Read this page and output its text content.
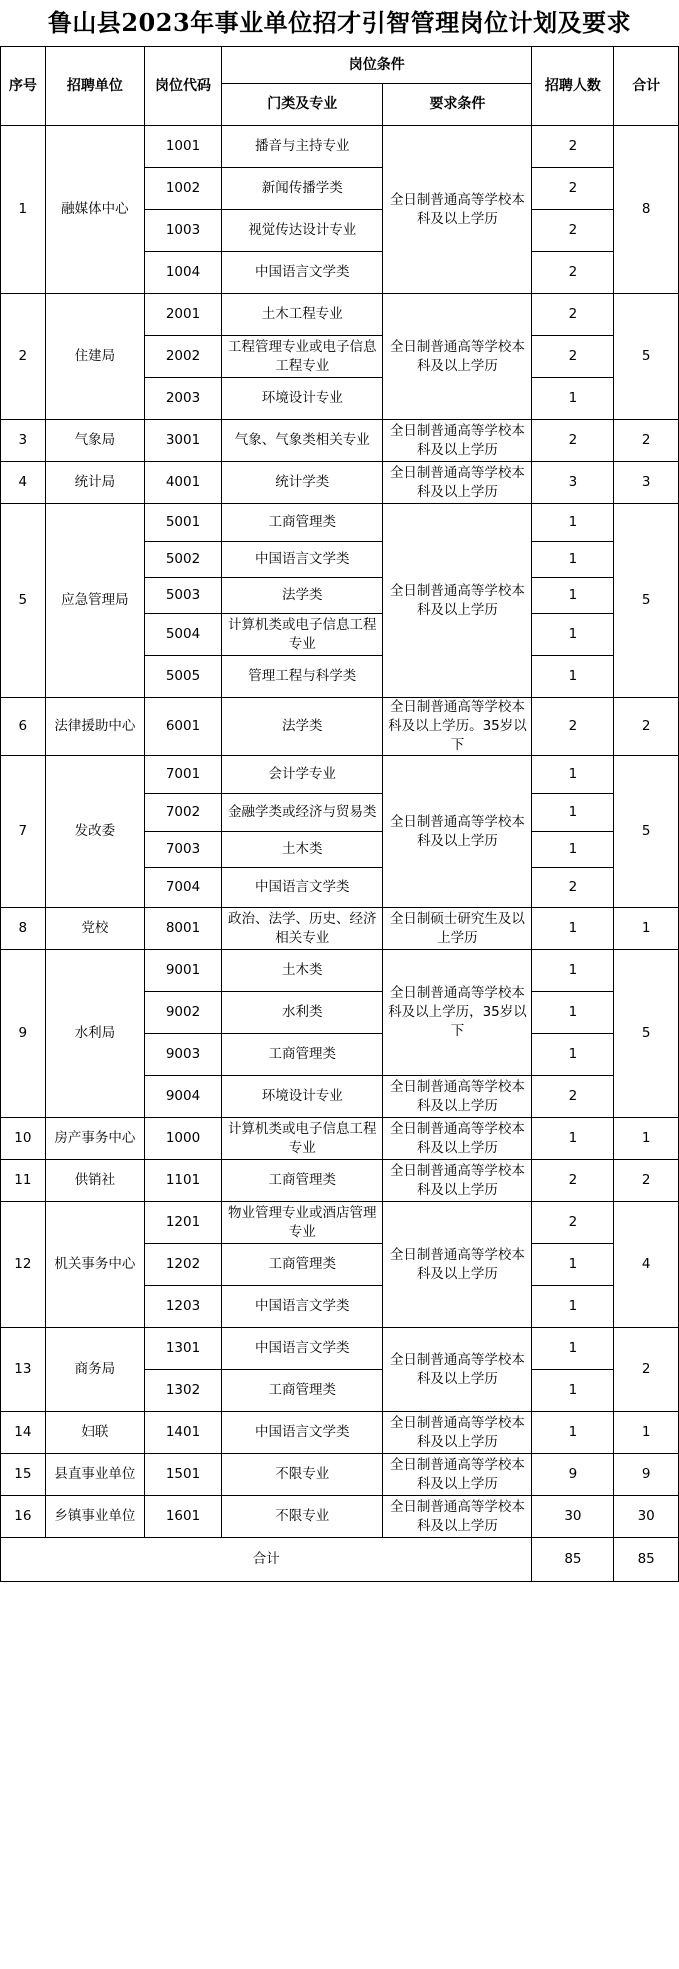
鲁山县2023年事业单位招才引智管理岗位计划及要求
序号	招聘单位	岗位代码	岗位条件		招聘人数	合计
			门类及专业	要求条件		
1	融媒体中心	1001	播音与主持专业	全日制普通高等学校本科及以上学历	2	8
		1002	新闻传播学类		2	
		1003	视觉传达设计专业		2	
		1004	中国语言文学类		2	
2	住建局	2001	土木工程专业	全日制普通高等学校本科及以上学历	2	5
		2002	工程管理专业或电子信息工程专业		2	
		2003	环境设计专业		1	
3	气象局	3001	气象、气象类相关专业	全日制普通高等学校本科及以上学历	2	2
4	统计局	4001	统计学类	全日制普通高等学校本科及以上学历	3	3
5	应急管理局	5001	工商管理类	全日制普通高等学校本科及以上学历	1	5
		5002	中国语言文学类		1	
		5003	法学类		1	
		5004	计算机类或电子信息工程专业		1	
		5005	管理工程与科学类		1	
6	法律援助中心	6001	法学类	全日制普通高等学校本科及以上学历。35岁以下	2	2
7	发改委	7001	会计学专业	全日制普通高等学校本科及以上学历	1	5
		7002	金融学类或经济与贸易类		1	
		7003	土木类		1	
		7004	中国语言文学类		2	
8	党校	8001	政治、法学、历史、经济相关专业	全日制硕士研究生及以上学历	1	1
9	水利局	9001	土木类	全日制普通高等学校本科及以上学历，35岁以下	1	5
		9002	水利类		1	
		9003	工商管理类		1	
		9004	环境设计专业	全日制普通高等学校本科及以上学历	2	
10	房产事务中心	1000	计算机类或电子信息工程专业	全日制普通高等学校本科及以上学历	1	1
11	供销社	1101	工商管理类	全日制普通高等学校本科及以上学历	2	2
12	机关事务中心	1201	物业管理专业或酒店管理专业	全日制普通高等学校本科及以上学历	2	4
		1202	工商管理类		1	
		1203	中国语言文学类		1	
13	商务局	1301	中国语言文学类	全日制普通高等学校本科及以上学历	1	2
		1302	工商管理类		1	
14	妇联	1401	中国语言文学类	全日制普通高等学校本科及以上学历	1	1
15	县直事业单位	1501	不限专业	全日制普通高等学校本科及以上学历	9	9
16	乡镇事业单位	1601	不限专业	全日制普通高等学校本科及以上学历	30	30
合计					85	85
